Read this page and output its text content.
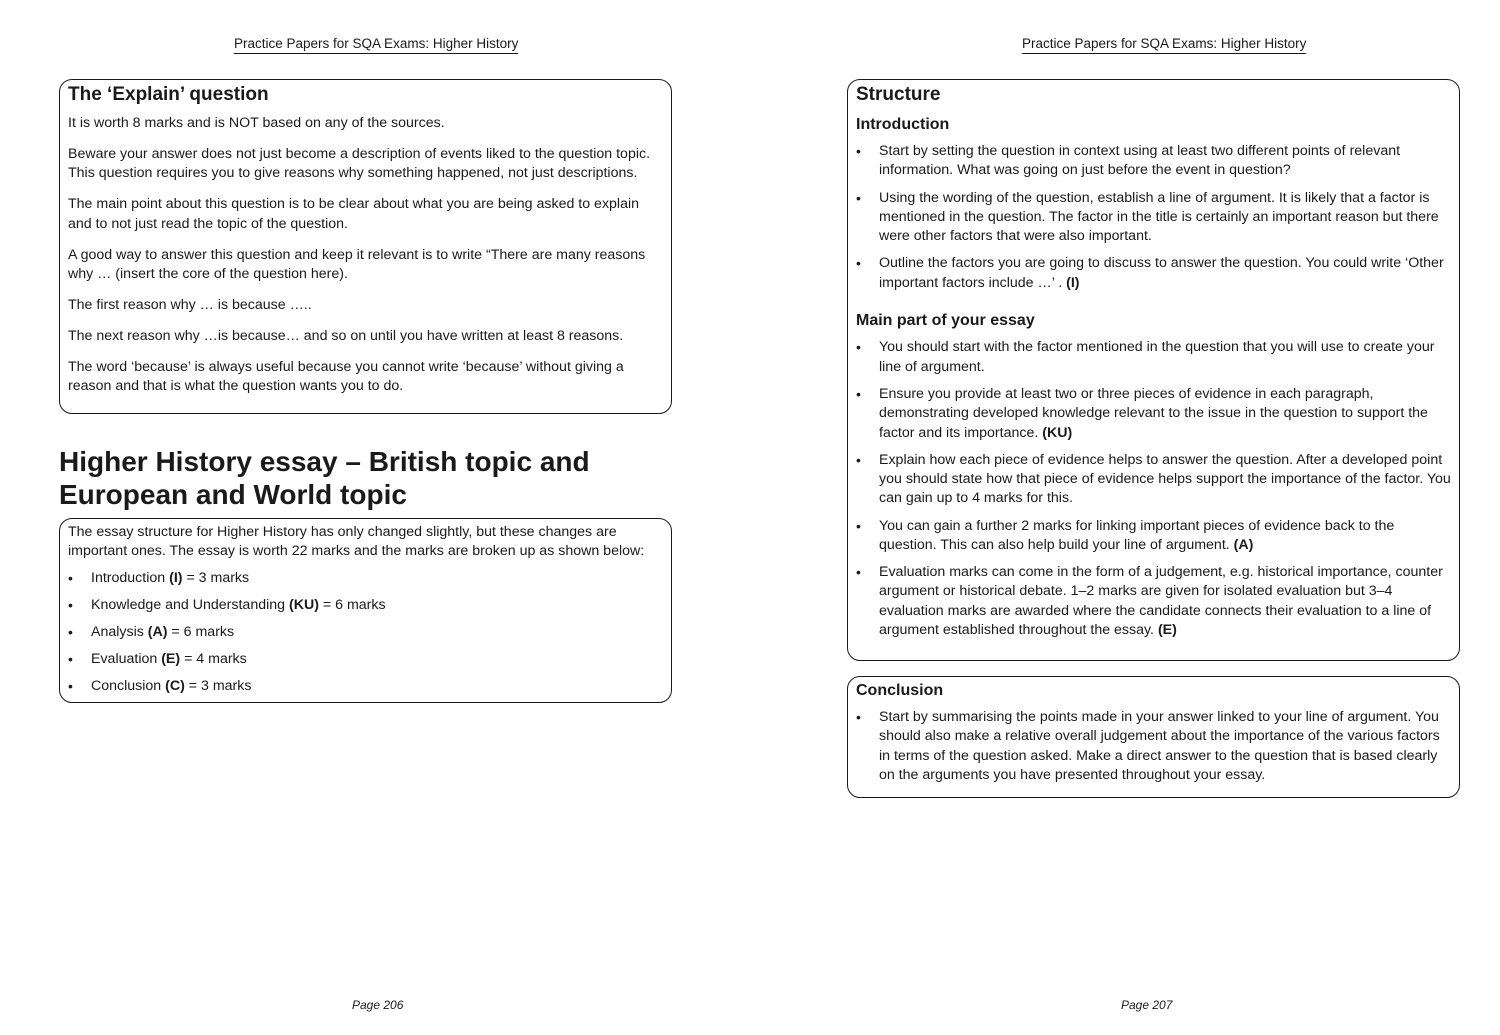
Practice Papers for SQA Exams: Higher History
The ‘Explain’ question

It is worth 8 marks and is NOT based on any of the sources.

Beware your answer does not just become a description of events liked to the question topic. This question requires you to give reasons why something happened, not just descriptions.

The main point about this question is to be clear about what you are being asked to explain and to not just read the topic of the question.

A good way to answer this question and keep it relevant is to write “There are many reasons why … (insert the core of the question here).

The first reason why … is because …..

The next reason why …is because… and so on until you have written at least 8 reasons.

The word ‘because’ is always useful because you cannot write ‘because’ without giving a reason and that is what the question wants you to do.

Higher History essay – British topic and European and World topic

The essay structure for Higher History has only changed slightly, but these changes are important ones. The essay is worth 22 marks and the marks are broken up as shown below:

• Introduction (I) = 3 marks
• Knowledge and Understanding (KU) = 6 marks
• Analysis (A) = 6 marks
• Evaluation (E) = 4 marks
• Conclusion (C) = 3 marks
Page 206
Practice Papers for SQA Exams: Higher History
Structure
Introduction
• Start by setting the question in context using at least two different points of relevant information. What was going on just before the event in question?
• Using the wording of the question, establish a line of argument. It is likely that a factor is mentioned in the question. The factor in the title is certainly an important reason but there were other factors that were also important.
• Outline the factors you are going to discuss to answer the question. You could write ‘Other important factors include …’ . (I)
Main part of your essay
• You should start with the factor mentioned in the question that you will use to create your line of argument.
• Ensure you provide at least two or three pieces of evidence in each paragraph, demonstrating developed knowledge relevant to the issue in the question to support the factor and its importance. (KU)
• Explain how each piece of evidence helps to answer the question. After a developed point you should state how that piece of evidence helps support the importance of the factor. You can gain up to 4 marks for this.
• You can gain a further 2 marks for linking important pieces of evidence back to the question. This can also help build your line of argument. (A)
• Evaluation marks can come in the form of a judgement, e.g. historical importance, counter argument or historical debate. 1–2 marks are given for isolated evaluation but 3–4 evaluation marks are awarded where the candidate connects their evaluation to a line of argument established throughout the essay. (E)
Conclusion
• Start by summarising the points made in your answer linked to your line of argument. You should also make a relative overall judgement about the importance of the various factors in terms of the question asked. Make a direct answer to the question that is based clearly on the arguments you have presented throughout your essay.
Page 207
